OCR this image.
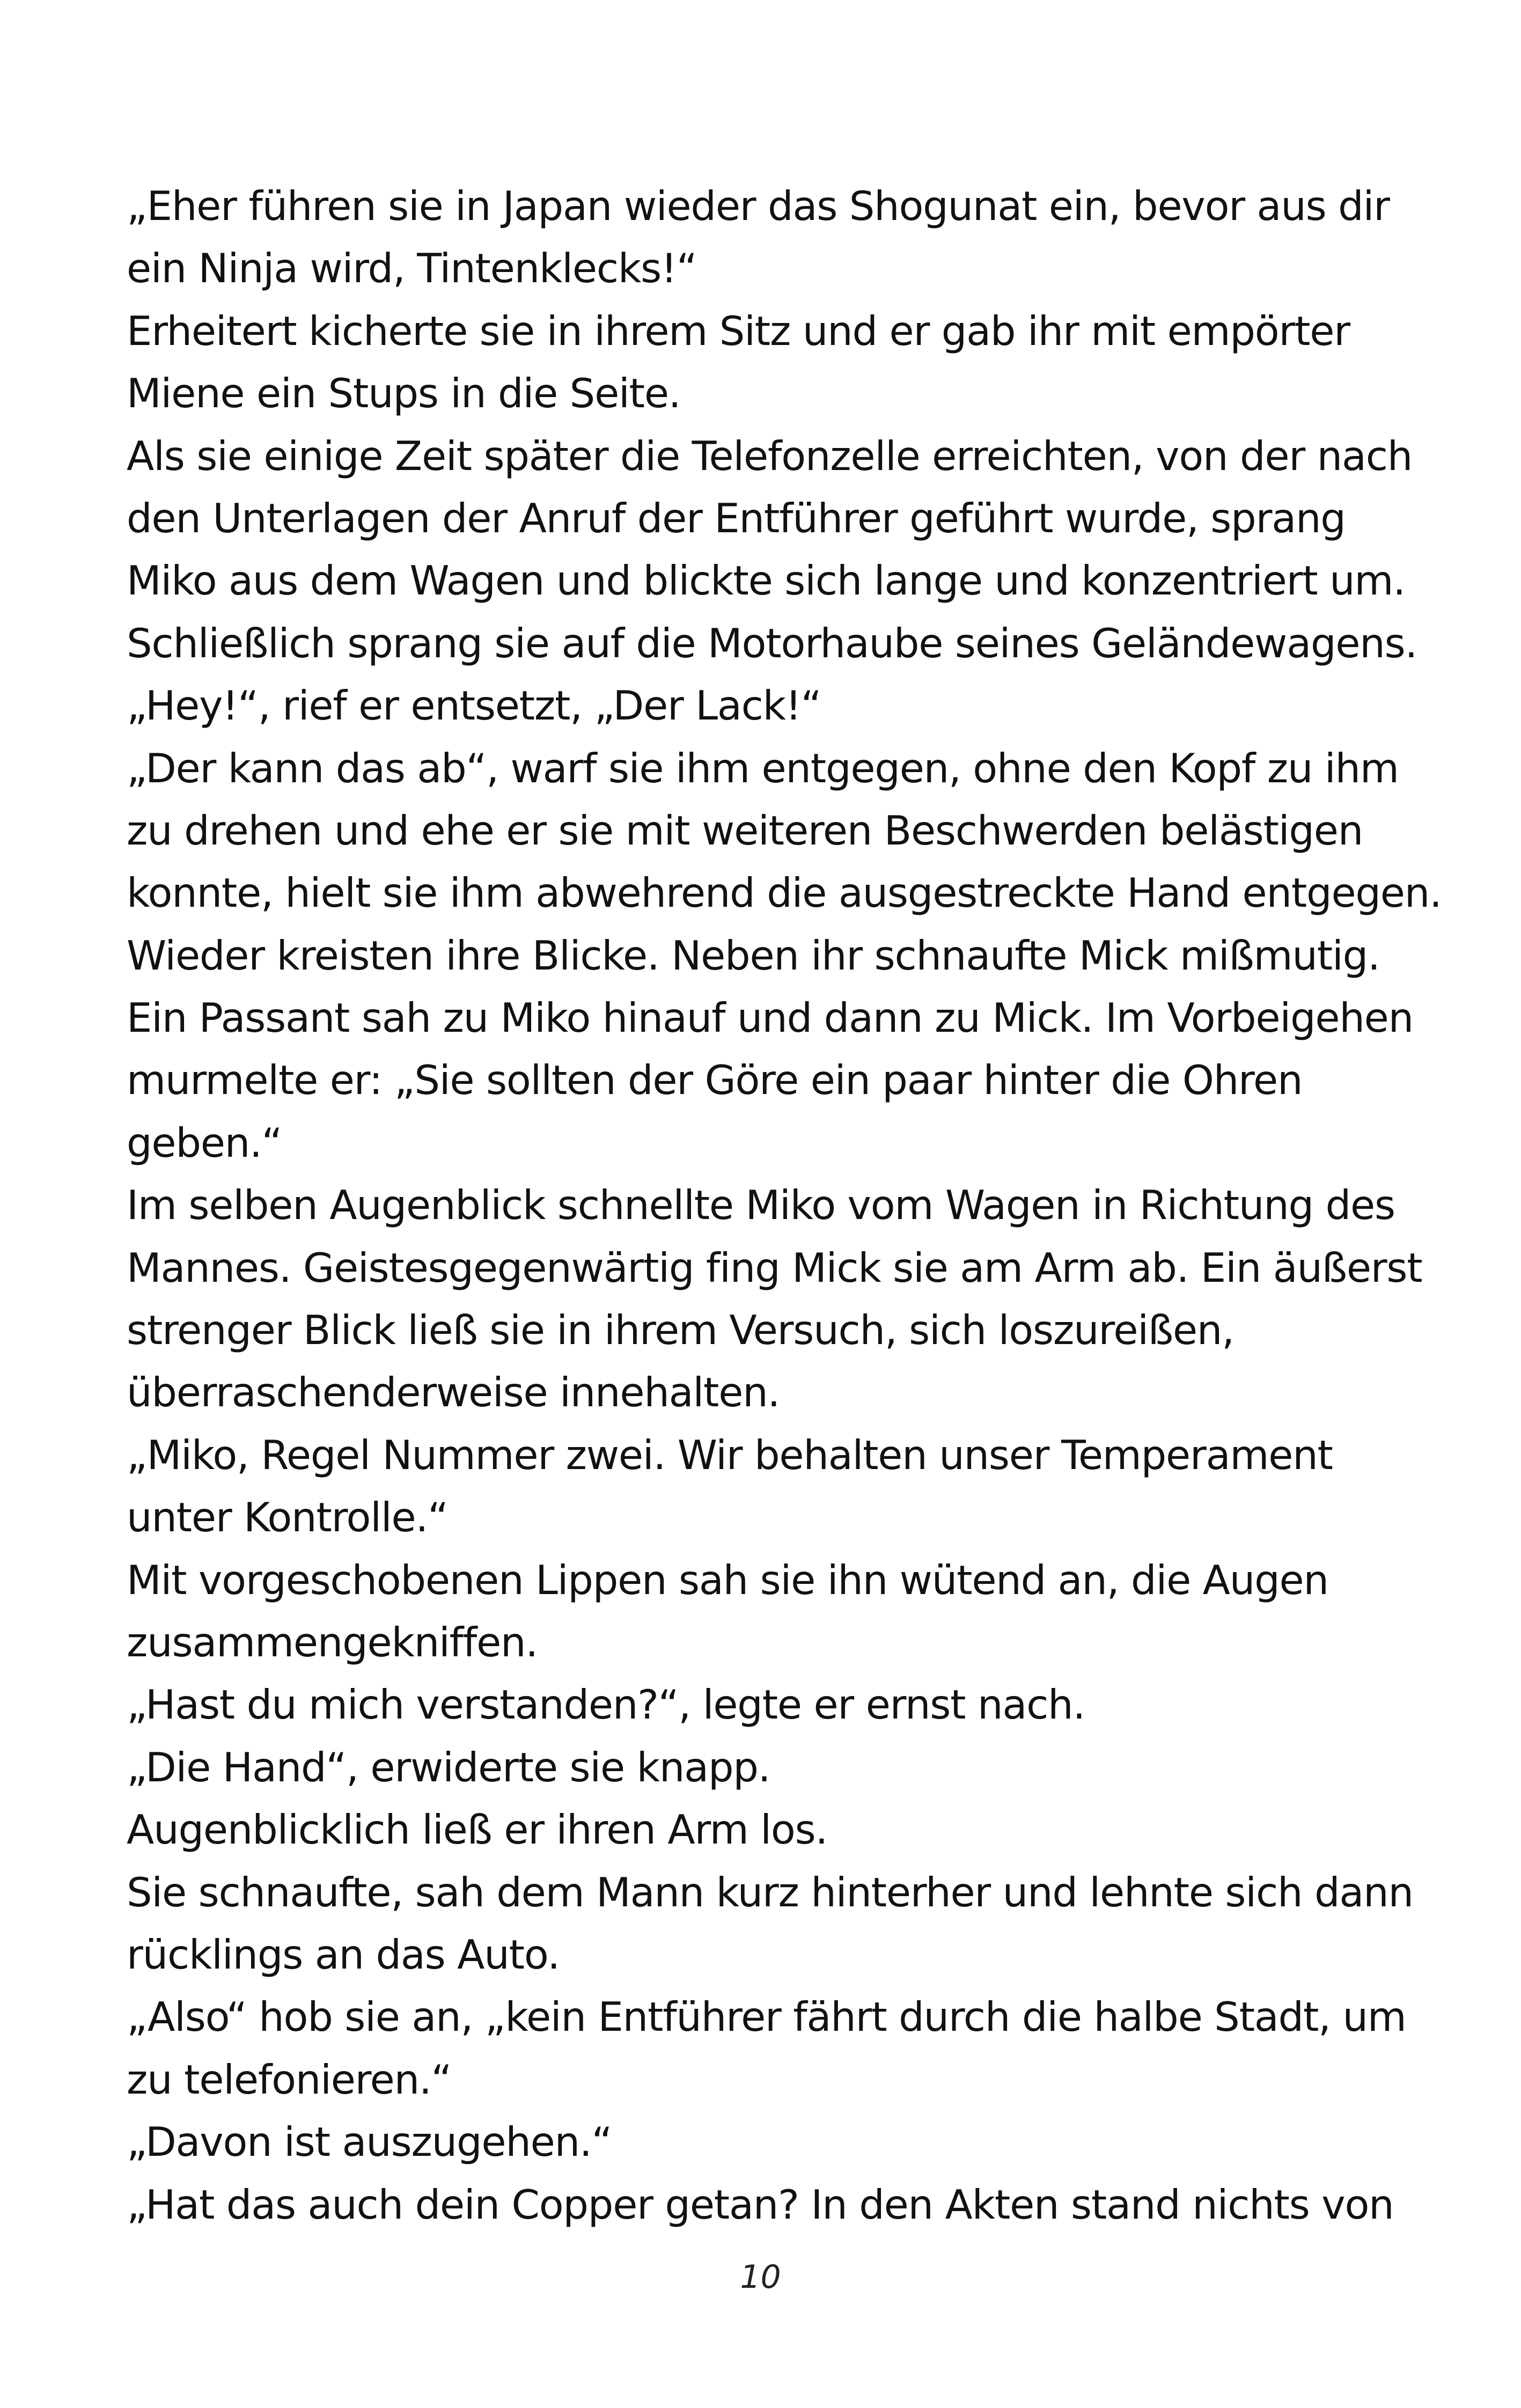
„Eher führen sie in Japan wieder das Shogunat ein, bevor aus dir
ein Ninja wird, Tintenklecks!“
Erheitert kicherte sie in ihrem Sitz und er gab ihr mit empörter
Miene ein Stups in die Seite.
Als sie einige Zeit später die Telefonzelle erreichten, von der nach
den Unterlagen der Anruf der Entführer geführt wurde, sprang
Miko aus dem Wagen und blickte sich lange und konzentriert um.
Schließlich sprang sie auf die Motorhaube seines Geländewagens.
„Hey!“, rief er entsetzt, „Der Lack!“
„Der kann das ab“, warf sie ihm entgegen, ohne den Kopf zu ihm
zu drehen und ehe er sie mit weiteren Beschwerden belästigen
konnte, hielt sie ihm abwehrend die ausgestreckte Hand entgegen.
Wieder kreisten ihre Blicke. Neben ihr schnaufte Mick mißmutig.
Ein Passant sah zu Miko hinauf und dann zu Mick. Im Vorbeigehen
murmelte er: „Sie sollten der Göre ein paar hinter die Ohren
geben.“
Im selben Augenblick schnellte Miko vom Wagen in Richtung des
Mannes. Geistesgegenwärtig fing Mick sie am Arm ab. Ein äußerst
strenger Blick ließ sie in ihrem Versuch, sich loszureißen,
überraschenderweise innehalten.
„Miko, Regel Nummer zwei. Wir behalten unser Temperament
unter Kontrolle.“
Mit vorgeschobenen Lippen sah sie ihn wütend an, die Augen
zusammengekniffen.
„Hast du mich verstanden?“, legte er ernst nach.
„Die Hand“, erwiderte sie knapp.
Augenblicklich ließ er ihren Arm los.
Sie schnaufte, sah dem Mann kurz hinterher und lehnte sich dann
rücklings an das Auto.
„Also“ hob sie an, „kein Entführer fährt durch die halbe Stadt, um
zu telefonieren.“
„Davon ist auszugehen.“
„Hat das auch dein Copper getan? In den Akten stand nichts von
10
